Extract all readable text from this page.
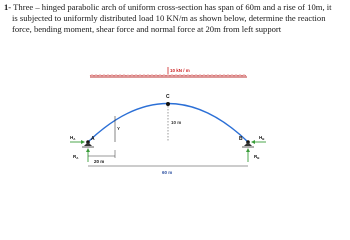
1- Three – hinged parabolic arch of uniform cross-section has span of 60m and a rise of 10m, it
is subjected to uniformly distributed load 10 KN/m as shown below, determine the reaction
force, bending moment, shear force and normal force at 20m from left support
10 kN / m
C
10 m
Y
A	B
$H_A$
$R_A$
$H_B$
$R_B$
20 m
60 m
